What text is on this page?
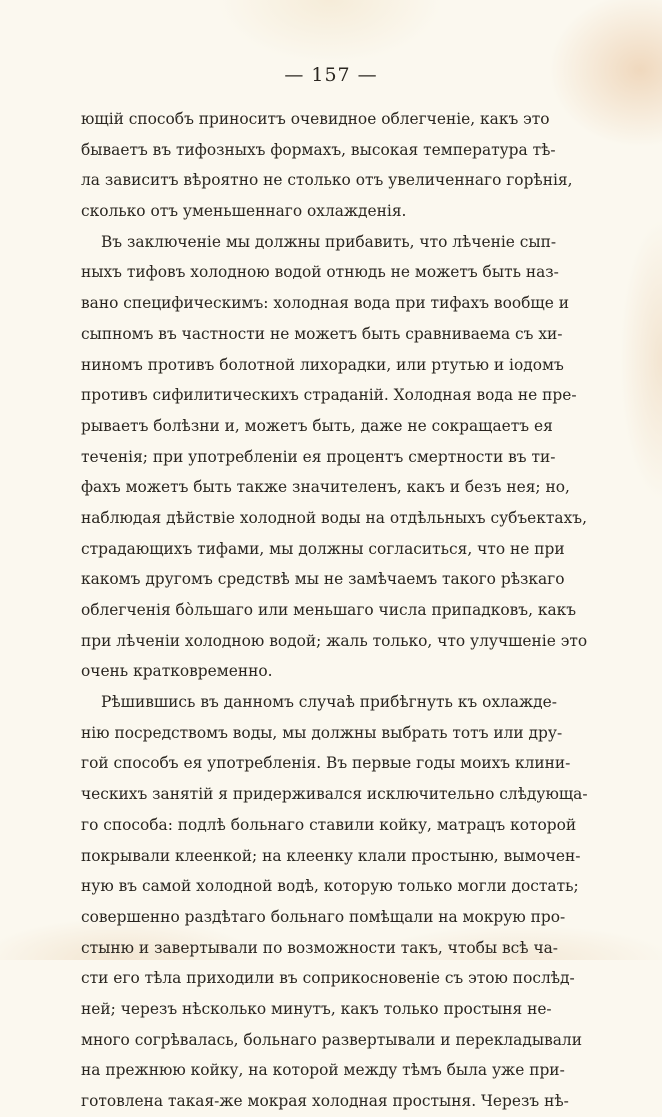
— 157 —
ющій способъ приноситъ очевидное облегченіе, какъ это
бываетъ въ тифозныхъ формахъ, высокая температура тѣ-
ла зависитъ вѣроятно не столько отъ увеличеннаго горѣнія,
сколько отъ уменьшеннаго охлажденія.
Въ заключеніе мы должны прибавить, что лѣченіе сып-
ныхъ тифовъ холодною водой отнюдь не можетъ быть наз-
вано специфическимъ: холодная вода при тифахъ вообще и
сыпномъ въ частности не можетъ быть сравниваема съ хи-
ниномъ противъ болотной лихорадки, или ртутью и іодомъ
противъ сифилитическихъ страданій. Холодная вода не пре-
рываетъ болѣзни и, можетъ быть, даже не сокращаетъ ея
теченія; при употребленіи ея процентъ смертности въ ти-
фахъ можетъ быть также значителенъ, какъ и безъ нея; но,
наблюдая дѣйствіе холодной воды на отдѣльныхъ субъектахъ,
страдающихъ тифами, мы должны согласиться, что не при
какомъ другомъ средствѣ мы не замѣчаемъ такого рѣзкаго
облегченія бо̀льшаго или меньшаго числа припадковъ, какъ
при лѣченіи холодною водой; жаль только, что улучшеніе это
очень кратковременно.
Рѣшившись въ данномъ случаѣ прибѣгнуть къ охлажде-
нію посредствомъ воды, мы должны выбрать тотъ или дру-
гой способъ ея употребленія. Въ первые годы моихъ клини-
ческихъ занятій я придерживался исключительно слѣдующа-
го способа: подлѣ больнаго ставили койку, матрацъ которой
покрывали клеенкой; на клеенку клали простыню, вымочен-
ную въ самой холодной водѣ, которую только могли достать;
совершенно раздѣтаго больнаго помѣщали на мокрую про-
стыню и завертывали по возможности такъ, чтобы всѣ ча-
сти его тѣла приходили въ соприкосновеніе съ этою послѣд-
ней; черезъ нѣсколько минутъ, какъ только простыня не-
много согрѣвалась, больнаго развертывали и перекладывали
на прежнюю койку, на которой между тѣмъ была уже при-
готовлена такая-же мокрая холодная простыня. Черезъ нѣ-
